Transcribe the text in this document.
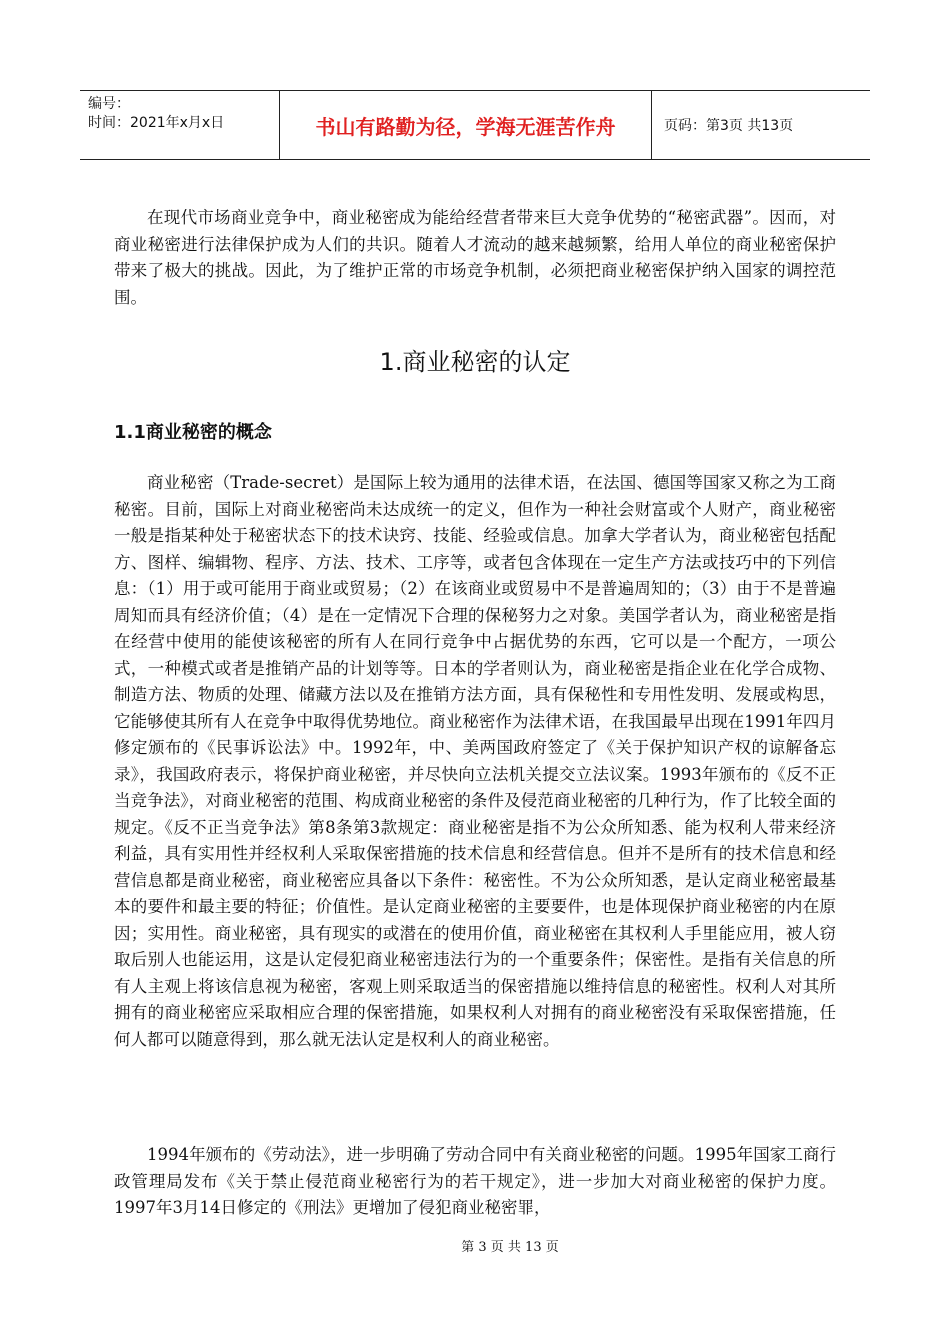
编号：
时间：2021年x月x日	书山有路勤为径，学海无涯苦作舟	页码：第3页 共13页

在现代市场商业竞争中，商业秘密成为能给经营者带来巨大竞争优势的“秘密武器”。因而，对商业秘密进行法律保护成为人们的共识。随着人才流动的越来越频繁，给用人单位的商业秘密保护带来了极大的挑战。因此，为了维护正常的市场竞争机制，必须把商业秘密保护纳入国家的调控范围。

1.商业秘密的认定
1.1商业秘密的概念

商业秘密（Trade-secret）是国际上较为通用的法律术语，在法国、德国等国家又称之为工商秘密。目前，国际上对商业秘密尚未达成统一的定义，但作为一种社会财富或个人财产，商业秘密一般是指某种处于秘密状态下的技术诀窍、技能、经验或信息。加拿大学者认为，商业秘密包括配方、图样、编辑物、程序、方法、技术、工序等，或者包含体现在一定生产方法或技巧中的下列信息：（1）用于或可能用于商业或贸易；（2）在该商业或贸易中不是普遍周知的；（3）由于不是普遍周知而具有经济价值；（4）是在一定情况下合理的保秘努力之对象。美国学者认为，商业秘密是指在经营中使用的能使该秘密的所有人在同行竞争中占据优势的东西，它可以是一个配方，一项公式，一种模式或者是推销产品的计划等等。日本的学者则认为，商业秘密是指企业在化学合成物、制造方法、物质的处理、储藏方法以及在推销方法方面，具有保秘性和专用性发明、发展或构思，它能够使其所有人在竞争中取得优势地位。商业秘密作为法律术语，在我国最早出现在1991年四月修定颁布的《民事诉讼法》中。1992年，中、美两国政府签定了《关于保护知识产权的谅解备忘录》，我国政府表示，将保护商业秘密，并尽快向立法机关提交立法议案。1993年颁布的《反不正当竞争法》，对商业秘密的范围、构成商业秘密的条件及侵范商业秘密的几种行为，作了比较全面的规定。《反不正当竞争法》第8条第3款规定：商业秘密是指不为公众所知悉、能为权利人带来经济利益，具有实用性并经权利人采取保密措施的技术信息和经营信息。但并不是所有的技术信息和经营信息都是商业秘密，商业秘密应具备以下条件：秘密性。不为公众所知悉，是认定商业秘密最基本的要件和最主要的特征；价值性。是认定商业秘密的主要要件，也是体现保护商业秘密的内在原因；实用性。商业秘密，具有现实的或潜在的使用价值，商业秘密在其权利人手里能应用，被人窃取后别人也能运用，这是认定侵犯商业秘密违法行为的一个重要条件；保密性。是指有关信息的所有人主观上将该信息视为秘密，客观上则采取适当的保密措施以维持信息的秘密性。权利人对其所拥有的商业秘密应采取相应合理的保密措施，如果权利人对拥有的商业秘密没有采取保密措施，任何人都可以随意得到，那么就无法认定是权利人的商业秘密。

1994年颁布的《劳动法》，进一步明确了劳动合同中有关商业秘密的问题。1995年国家工商行政管理局发布《关于禁止侵范商业秘密行为的若干规定》，进一步加大对商业秘密的保护力度。1997年3月14日修定的《刑法》更增加了侵犯商业秘密罪，

第 3 页 共 13 页
